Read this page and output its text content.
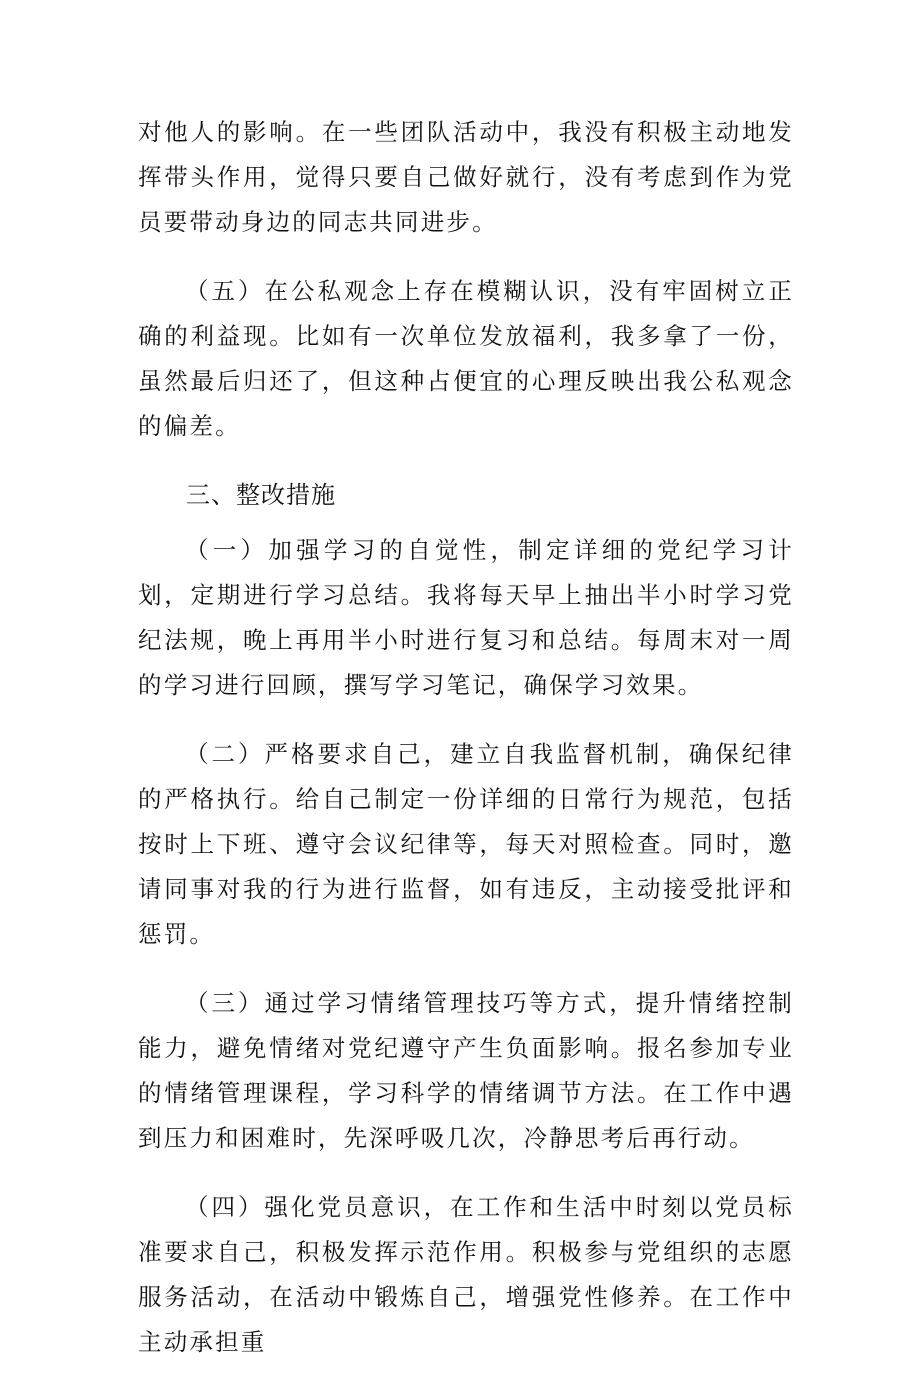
对他人的影响。在一些团队活动中，我没有积极主动地发挥带头作用，觉得只要自己做好就行，没有考虑到作为党员要带动身边的同志共同进步。

（五）在公私观念上存在模糊认识，没有牢固树立正确的利益现。比如有一次单位发放福利，我多拿了一份，虽然最后归还了，但这种占便宜的心理反映出我公私观念的偏差。

三、整改措施

（一）加强学习的自觉性，制定详细的党纪学习计划，定期进行学习总结。我将每天早上抽出半小时学习党纪法规，晚上再用半小时进行复习和总结。每周末对一周的学习进行回顾，撰写学习笔记，确保学习效果。

（二）严格要求自己，建立自我监督机制，确保纪律的严格执行。给自己制定一份详细的日常行为规范，包括按时上下班、遵守会议纪律等，每天对照检查。同时，邀请同事对我的行为进行监督，如有违反，主动接受批评和惩罚。

（三）通过学习情绪管理技巧等方式，提升情绪控制能力，避免情绪对党纪遵守产生负面影响。报名参加专业的情绪管理课程，学习科学的情绪调节方法。在工作中遇到压力和困难时，先深呼吸几次，冷静思考后再行动。

（四）强化党员意识，在工作和生活中时刻以党员标准要求自己，积极发挥示范作用。积极参与党组织的志愿服务活动，在活动中锻炼自己，增强党性修养。在工作中主动承担重
